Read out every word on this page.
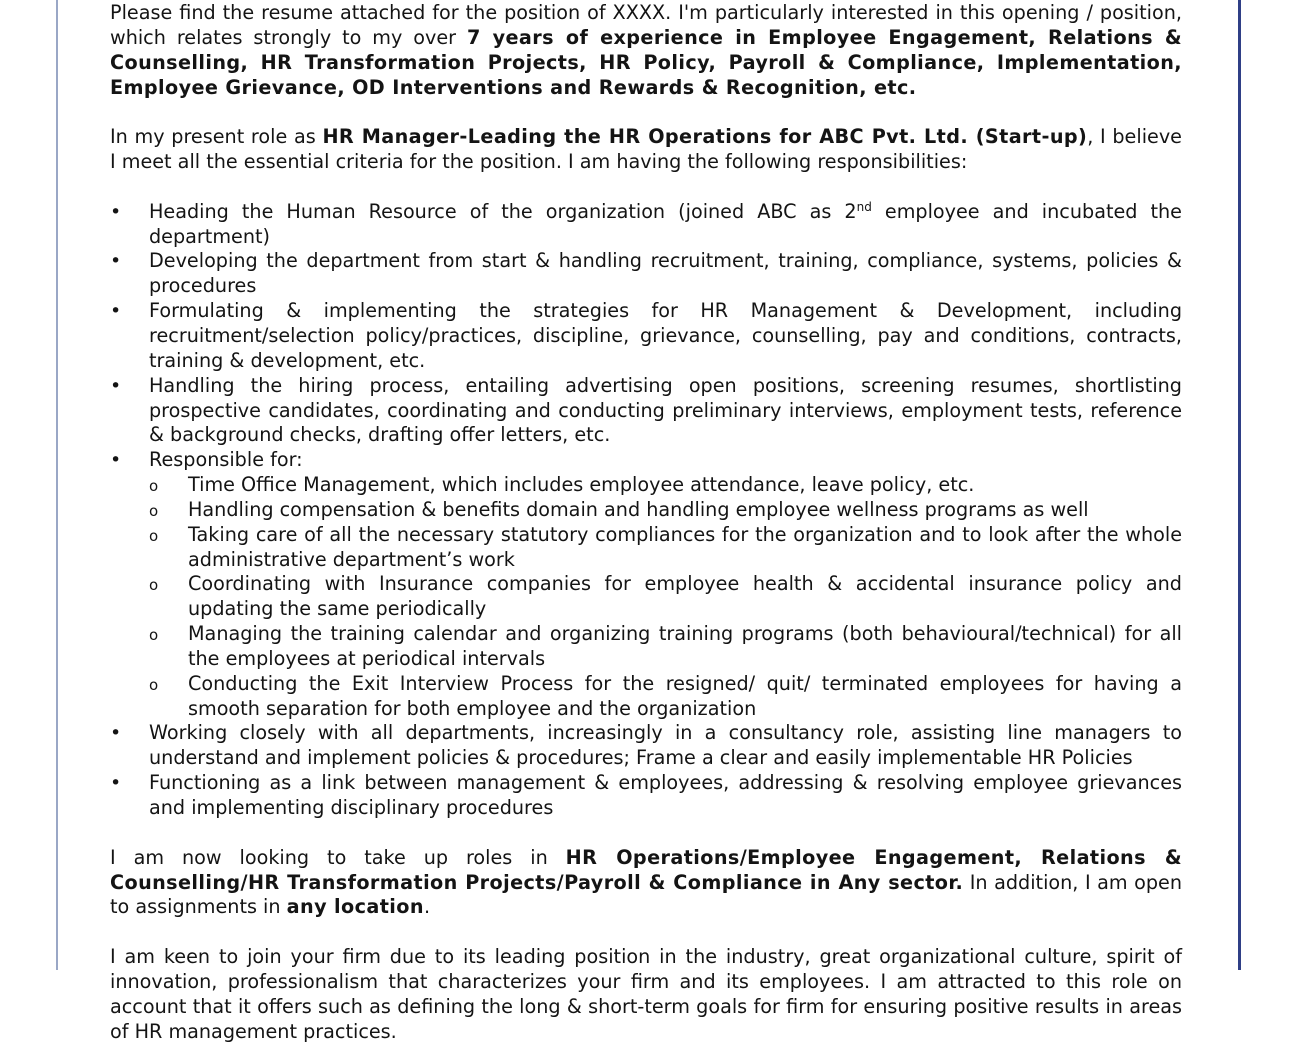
Please find the resume attached for the position of XXXX. I'm particularly interested in this opening / position, which relates strongly to my over 7 years of experience in Employee Engagement, Relations & Counselling, HR Transformation Projects, HR Policy, Payroll & Compliance, Implementation, Employee Grievance, OD Interventions and Rewards & Recognition, etc.

In my present role as HR Manager-Leading the HR Operations for ABC Pvt. Ltd. (Start-up), I believe I meet all the essential criteria for the position. I am having the following responsibilities:

• Heading the Human Resource of the organization (joined ABC as 2nd employee and incubated the department)
• Developing the department from start & handling recruitment, training, compliance, systems, policies & procedures
• Formulating & implementing the strategies for HR Management & Development, including recruitment/selection policy/practices, discipline, grievance, counselling, pay and conditions, contracts, training & development, etc.
• Handling the hiring process, entailing advertising open positions, screening resumes, shortlisting prospective candidates, coordinating and conducting preliminary interviews, employment tests, reference & background checks, drafting offer letters, etc.
• Responsible for:
o Time Office Management, which includes employee attendance, leave policy, etc.
o Handling compensation & benefits domain and handling employee wellness programs as well
o Taking care of all the necessary statutory compliances for the organization and to look after the whole administrative department’s work
o Coordinating with Insurance companies for employee health & accidental insurance policy and updating the same periodically
o Managing the training calendar and organizing training programs (both behavioural/technical) for all the employees at periodical intervals
o Conducting the Exit Interview Process for the resigned/ quit/ terminated employees for having a smooth separation for both employee and the organization
• Working closely with all departments, increasingly in a consultancy role, assisting line managers to understand and implement policies & procedures; Frame a clear and easily implementable HR Policies
• Functioning as a link between management & employees, addressing & resolving employee grievances and implementing disciplinary procedures

I am now looking to take up roles in HR Operations/Employee Engagement, Relations & Counselling/HR Transformation Projects/Payroll & Compliance in Any sector. In addition, I am open to assignments in any location.

I am keen to join your firm due to its leading position in the industry, great organizational culture, spirit of innovation, professionalism that characterizes your firm and its employees. I am attracted to this role on account that it offers such as defining the long & short-term goals for firm for ensuring positive results in areas of HR management practices.
